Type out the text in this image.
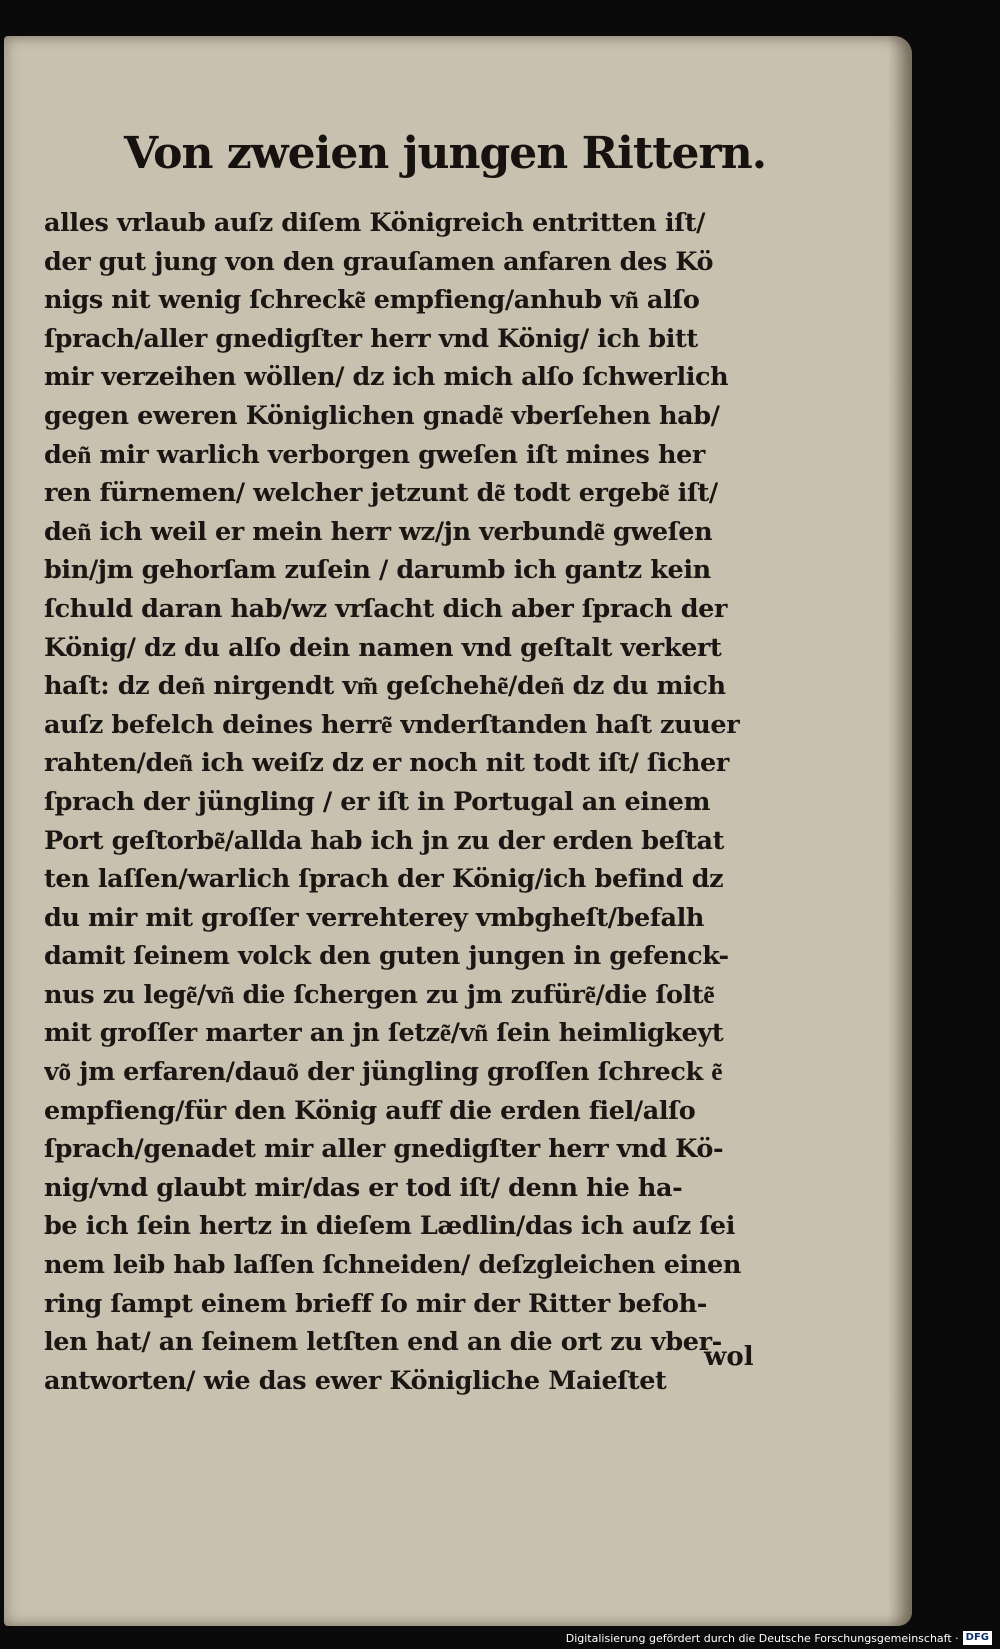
Von zweien jungen Rittern.
alles vrlaub auſz diſem Königreich entritten iſt/
der gut jung von den grauſamen anfaren des Kö
nigs nit wenig ſchrecke͂ empfieng/anhub vn͂ alſo
ſprach/aller gnedigſter herr vnd König/ ich bitt
mir verzeihen wöllen/ dz ich mich alſo ſchwerlich
gegen eweren Königlichen gnade͂ vberſehen hab/
den͂ mir warlich verborgen gweſen iſt mines her
ren fürnemen/ welcher jetzunt de͂ todt ergebe͂ iſt/
den͂ ich weil er mein herr wz/jn verbunde͂ gweſen
bin/jm gehorſam zuſein / darumb ich gantz kein
ſchuld daran hab/wz vrſacht dich aber ſprach der
König/ dz du alſo dein namen vnd geſtalt verkert
haſt: dz den͂ nirgendt vm͂ geſchehe͂/den͂ dz du mich
auſz befelch deines herre͂ vnderſtanden haſt zuuer
rahten/den͂ ich weiſz dz er noch nit todt iſt/ ſicher
ſprach der jüngling / er iſt in Portugal an einem
Port geſtorbe͂/allda hab ich jn zu der erden beſtat
ten laſſen/warlich ſprach der König/ich befind dz
du mir mit groſſer verrehterey vmbgheſt/befalh
damit ſeinem volck den guten jungen in gefenck-
nus zu lege͂/vn͂ die ſchergen zu jm zufüre͂/die ſolte͂
mit groſſer marter an jn ſetze͂/vn͂ ſein heimligkeyt
vo͂ jm erfaren/dauo͂ der jüngling groſſen ſchreck e͂
empfieng/für den König auff die erden fiel/alſo
ſprach/genadet mir aller gnedigſter herr vnd Kö-
nig/vnd glaubt mir/das er tod iſt/ denn hie ha-
be ich ſein hertz in dieſem Lædlin/das ich auſz ſei
nem leib hab laſſen ſchneiden/ deſzgleichen einen
ring ſampt einem brieff ſo mir der Ritter befoh-
len hat/ an ſeinem letſten end an die ort zu vber-
antworten/ wie das ewer Königliche Maieſtet
wol
Digitalisierung gefördert durch die Deutsche Forschungsgemeinschaft · DFG
